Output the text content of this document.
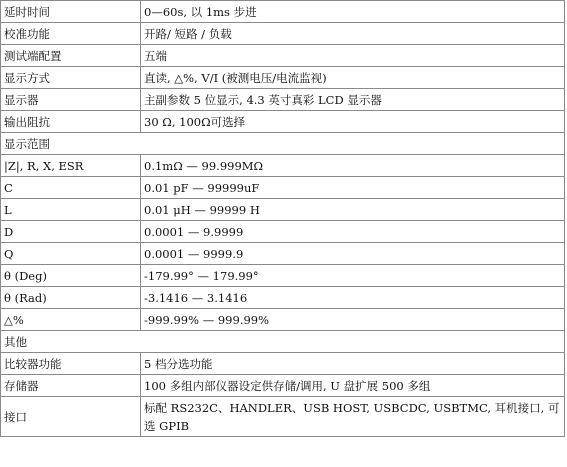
延时时间	0—60s, 以 1ms 步进
校准功能	开路/ 短路 / 负载
测试端配置	五端
显示方式	直读, △%, V/I (被测电压/电流监视)
显示器	主副参数 5 位显示, 4.3 英寸真彩 LCD 显示器
输出阻抗	30 Ω, 100Ω可选择
显示范围	
|Z|, R, X, ESR	0.1mΩ — 99.999MΩ
C	0.01 pF — 99999uF
L	0.01 μH — 99999 H
D	0.0001 — 9.9999
Q	0.0001 — 9999.9
θ (Deg)	-179.99° — 179.99°
θ (Rad)	-3.1416 — 3.1416
△%	-999.99% — 999.99%
其他	
比较器功能	5 档分选功能
存储器	100 多组内部仪器设定供存储/调用, U 盘扩展 500 多组
接口	标配 RS232C、HANDLER、USB HOST, USBCDC, USBTMC, 耳机接口, 可选 GPIB
